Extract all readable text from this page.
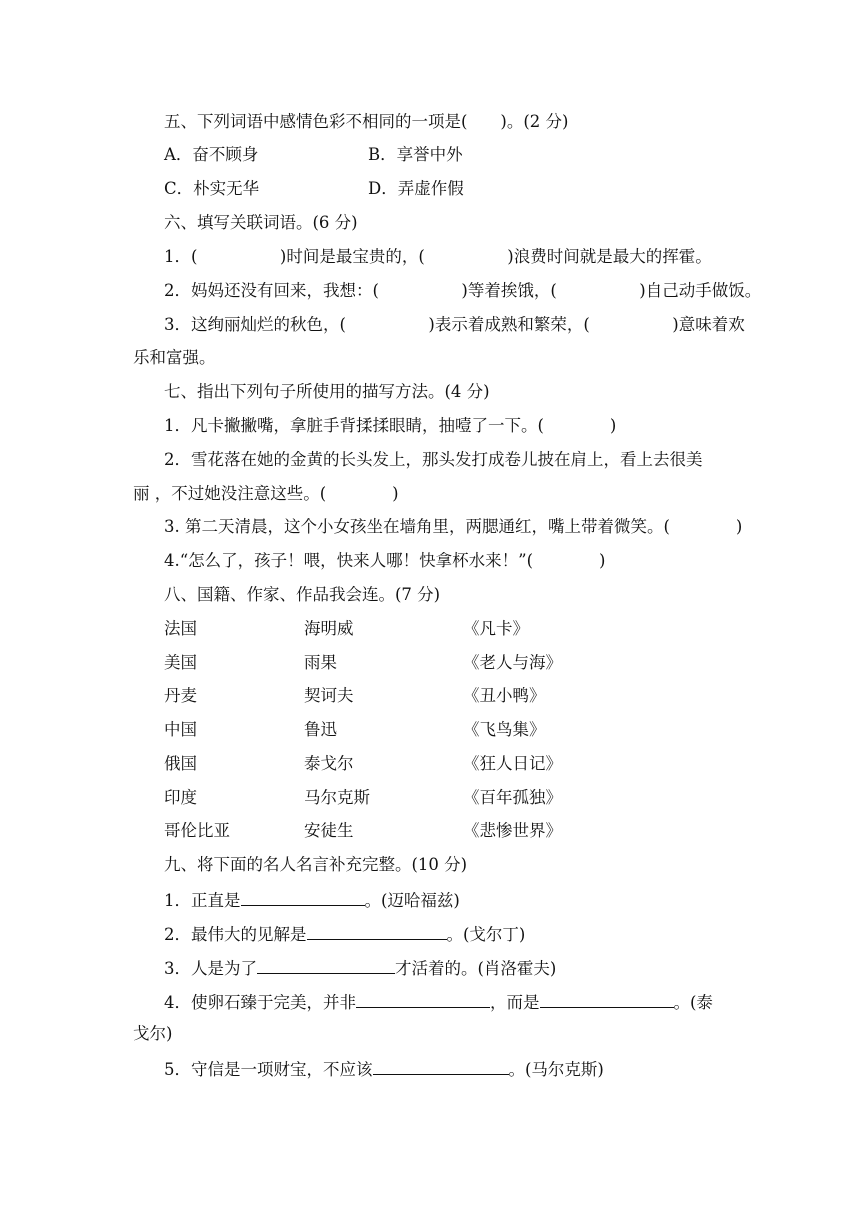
五、下列词语中感情色彩不相同的一项是(　　)。(2 分)
A．奋不顾身	B．享誉中外
C．朴实无华	D．弄虚作假
六、填写关联词语。(6 分)
1．(　　　　　)时间是最宝贵的，(　　　　　)浪费时间就是最大的挥霍。
2．妈妈还没有回来，我想：(　　　　　)等着挨饿，(　　　　　)自己动手做饭。
3．这绚丽灿烂的秋色，(　　　　　)表示着成熟和繁荣，(　　　　　)意味着欢
乐和富强。
七、指出下列句子所使用的描写方法。(4 分)
1．凡卡撇撇嘴，拿脏手背揉揉眼睛，抽噎了一下。(　　　　)
2．雪花落在她的金黄的长头发上，那头发打成卷儿披在肩上，看上去很美
丽 ，不过她没注意这些。(　　　　)
3. 第二天清晨，这个小女孩坐在墙角里，两腮通红，嘴上带着微笑。(　　　　)
4.“怎么了，孩子！喂，快来人哪！快拿杯水来！”(　　　　)
八、国籍、作家、作品我会连。(7 分)
法国	海明威	《凡卡》
美国	雨果	《老人与海》
丹麦	契诃夫	《丑小鸭》
中国	鲁迅	《飞鸟集》
俄国	泰戈尔	《狂人日记》
印度	马尔克斯	《百年孤独》
哥伦比亚	安徒生	《悲惨世界》
九、将下面的名人名言补充完整。(10 分)
1．正直是	。(迈哈福兹)
2．最伟大的见解是	。(戈尔丁)
3．人是为了	才活着的。(肖洛霍夫)
4．使卵石臻于完美，并非	，而是	。(泰
戈尔)
5．守信是一项财宝，不应该	。(马尔克斯)
